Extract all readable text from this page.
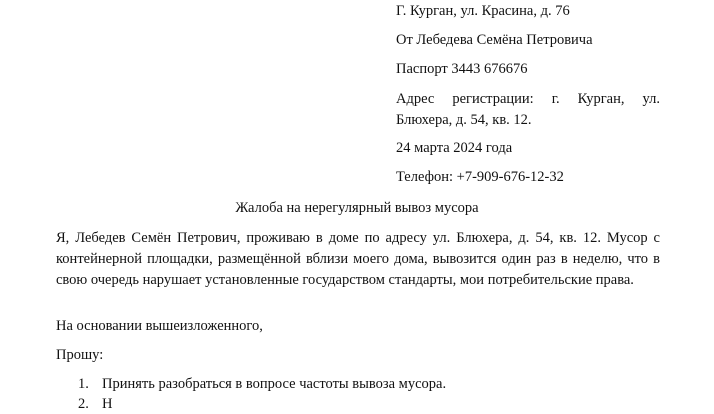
Г. Курган, ул. Красина, д. 76
От Лебедева Семёна Петровича
Паспорт 3443 676676
Адрес регистрации: г. Курган, ул. Блюхера, д. 54, кв. 12.
24 марта 2024 года
Телефон: +7-909-676-12-32
Жалоба на нерегулярный вывоз мусора
Я, Лебедев Семён Петрович, проживаю в доме по адресу ул. Блюхера, д. 54, кв. 12. Мусор с контейнерной площадки, размещённой вблизи моего дома, вывозится один раз в неделю, что в свою очередь нарушает установленные государством стандарты, мои потребительские права.
На основании вышеизложенного,
Прошу:
1. Принять разобраться в вопросе частоты вывоза мусора.
2. Н
